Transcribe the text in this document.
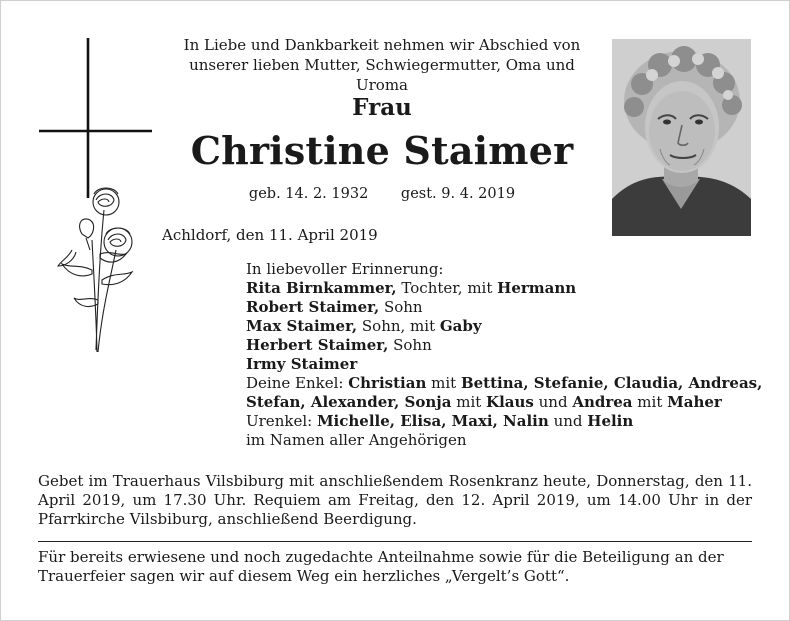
In Liebe und Dankbarkeit nehmen wir Abschied von unserer lieben Mutter, Schwiegermutter, Oma und Uroma
Frau
Christine Staimer
geb. 14. 2. 1932 gest. 9. 4. 2019
Achldorf, den 11. April 2019
In liebevoller Erinnerung:
Rita Birnkammer, Tochter, mit Hermann
Robert Staimer, Sohn
Max Staimer, Sohn, mit Gaby
Herbert Staimer, Sohn
Irmy Staimer
Deine Enkel: Christian mit Bettina, Stefanie, Claudia, Andreas,
Stefan, Alexander, Sonja mit Klaus und Andrea mit Maher
Urenkel: Michelle, Elisa, Maxi, Nalin und Helin
im Namen aller Angehörigen
Gebet im Trauerhaus Vilsbiburg mit anschließendem Rosenkranz heute, Donnerstag, den 11. April 2019, um 17.30 Uhr. Requiem am Freitag, den 12. April 2019, um 14.00 Uhr in der Pfarrkirche Vilsbiburg, anschließend Beerdigung.
Für bereits erwiesene und noch zugedachte Anteilnahme sowie für die Beteiligung an der Trauerfeier sagen wir auf diesem Weg ein herzliches „Vergelt’s Gott“.
